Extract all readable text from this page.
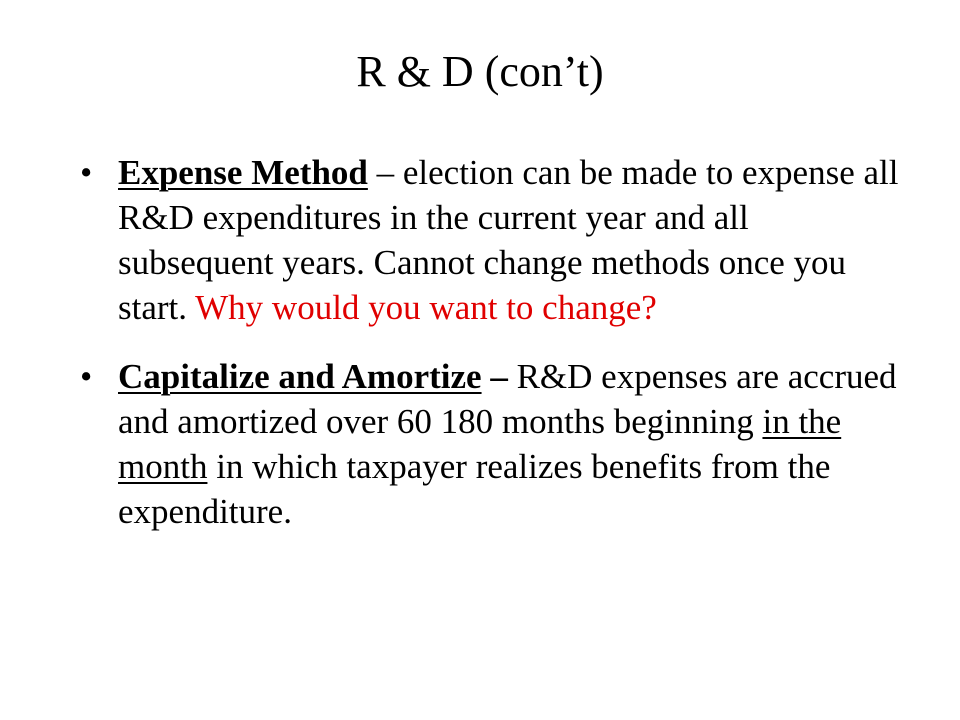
R & D (con’t)
• Expense Method – election can be made to expense all R&D expenditures in the current year and all subsequent years. Cannot change methods once you start. Why would you want to change?
• Capitalize and Amortize – R&D expenses are accrued and amortized over 60 180 months beginning in the month in which taxpayer realizes benefits from the expenditure.
